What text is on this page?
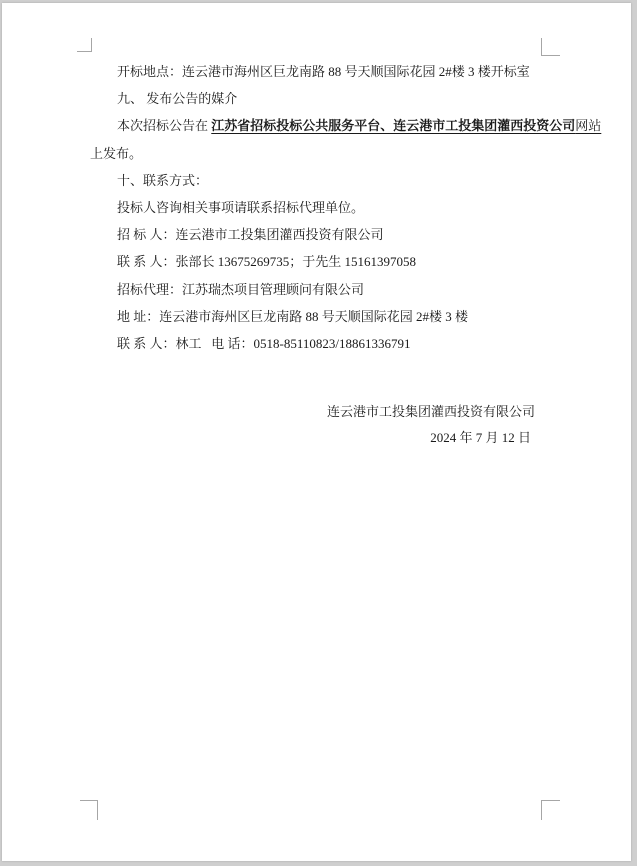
开标地点：连云港市海州区巨龙南路 88 号天顺国际花园 2#楼 3 楼开标室

九、 发布公告的媒介

本次招标公告在 江苏省招标投标公共服务平台、连云港市工投集团灌西投资公司网站

上发布。

十、联系方式：

投标人咨询相关事项请联系招标代理单位。

招 标 人：连云港市工投集团灌西投资有限公司

联 系 人：张部长 13675269735；于先生 15161397058

招标代理：江苏瑞杰项目管理顾问有限公司

地 址：连云港市海州区巨龙南路 88 号天顺国际花园 2#楼 3 楼

联 系 人：林工   电 话：0518-85110823/18861336791

连云港市工投集团灌西投资有限公司

2024 年 7 月 12 日
